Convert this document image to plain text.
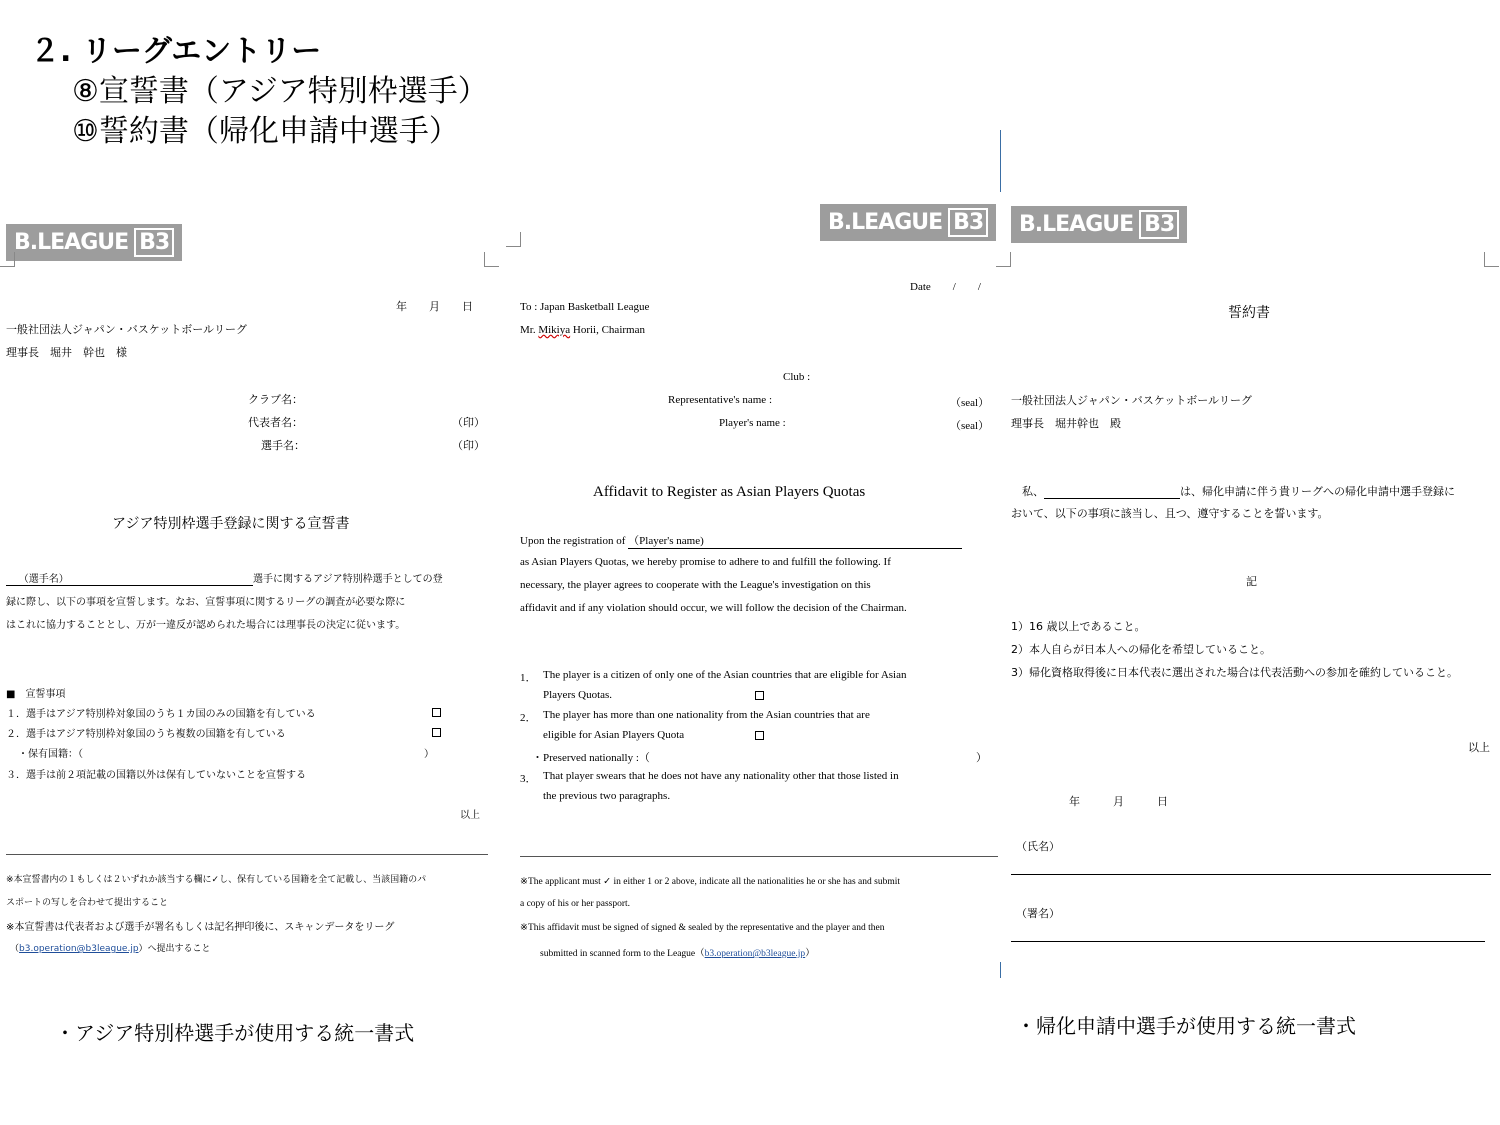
２. リーグエントリー
⑧宣誓書（アジア特別枠選手）
⑩誓約書（帰化申請中選手）
B.LEAGUE B3
年　　月　　日
一般社団法人ジャパン・バスケットボールリーグ
理事長　堀井　幹也　様
クラブ名：
代表者名：	（印）
選手名：	（印）
アジア特別枠選手登録に関する宣誓書
（選手名）	選手に関するアジア特別枠選手としての登
録に際し、以下の事項を宣誓します。なお、宣誓事項に関するリーグの調査が必要な際に
はこれに協力することとし、万が一違反が認められた場合には理事長の決定に従います。
■　宣誓事項
１．選手はアジア特別枠対象国のうち１カ国のみの国籍を有している
２．選手はアジア特別枠対象国のうち複数の国籍を有している
・保有国籍：（	）
３．選手は前２項記載の国籍以外は保有していないことを宣誓する
以上
※本宣誓書内の１もしくは２いずれか該当する欄に✓し、保有している国籍を全て記載し、当該国籍のパ
スポートの写しを合わせて提出すること
※本宣誓書は代表者および選手が署名もしくは記名押印後に、スキャンデータをリーグ
（b3.operation@b3league.jp）へ提出すること
B.LEAGUE B3
Date　　/　　/
To : Japan Basketball League
Mr. Mikiya Horii, Chairman
Club :
Representative's name :	（seal）
Player's name :	（seal）
Affidavit to Register as Asian Players Quotas
Upon the registration of （Player's name)
as Asian Players Quotas, we hereby promise to adhere to and fulfill the following. If
necessary, the player agrees to cooperate with the League's investigation on this
affidavit and if any violation should occur, we will follow the decision of the Chairman.
1． The player is a citizen of only one of the Asian countries that are eligible for Asian
Players Quotas.
2． The player has more than one nationality from the Asian countries that are
eligible for Asian Players Quota
・Preserved nationally :（	）
3． That player swears that he does not have any nationality other that those listed in
the previous two paragraphs.
※The applicant must ✓ in either 1 or 2 above, indicate all the nationalities he or she has and submit
a copy of his or her passport.
※This affidavit must be signed of signed & sealed by the representative and the player and then
submitted in scanned form to the League（b3.operation@b3league.jp）
B.LEAGUE B3
誓約書
一般社団法人ジャパン・バスケットボールリーグ
理事長　堀井幹也　殿
私、	は、帰化申請に伴う貴リーグへの帰化申請中選手登録に
おいて、以下の事項に該当し、且つ、遵守することを誓います。
記
1）16 歳以上であること。
2）本人自らが日本人への帰化を希望していること。
3）帰化資格取得後に日本代表に選出された場合は代表活動への参加を確約していること。
以上
年　　　月　　　日
（氏名）
（署名）
・アジア特別枠選手が使用する統一書式	・帰化申請中選手が使用する統一書式
